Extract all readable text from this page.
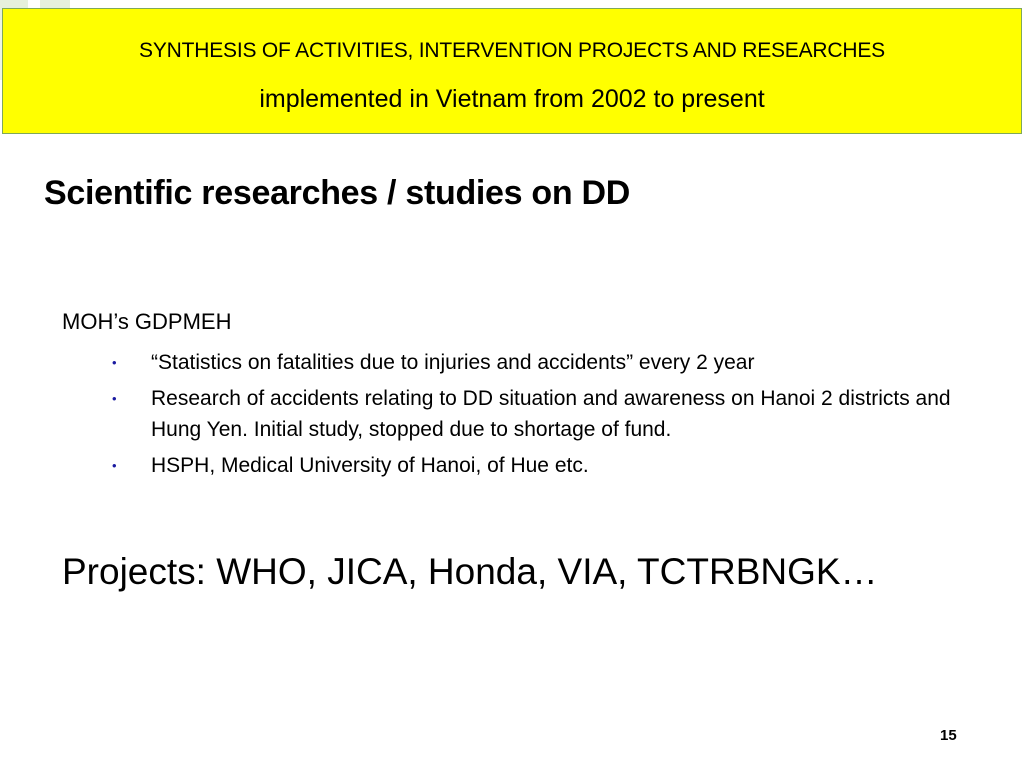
SYNTHESIS OF ACTIVITIES, INTERVENTION PROJECTS AND RESEARCHES
implemented in Vietnam from 2002 to present
Scientific researches / studies on DD
MOH’s GDPMEH
• “Statistics on fatalities due to injuries and accidents” every 2 year
• Research of accidents relating to DD situation and awareness on Hanoi 2 districts and Hung Yen. Initial study, stopped due to shortage of fund.
• HSPH, Medical University of Hanoi, of Hue etc.
Projects: WHO, JICA, Honda, VIA, TCTRBNGK…
15
